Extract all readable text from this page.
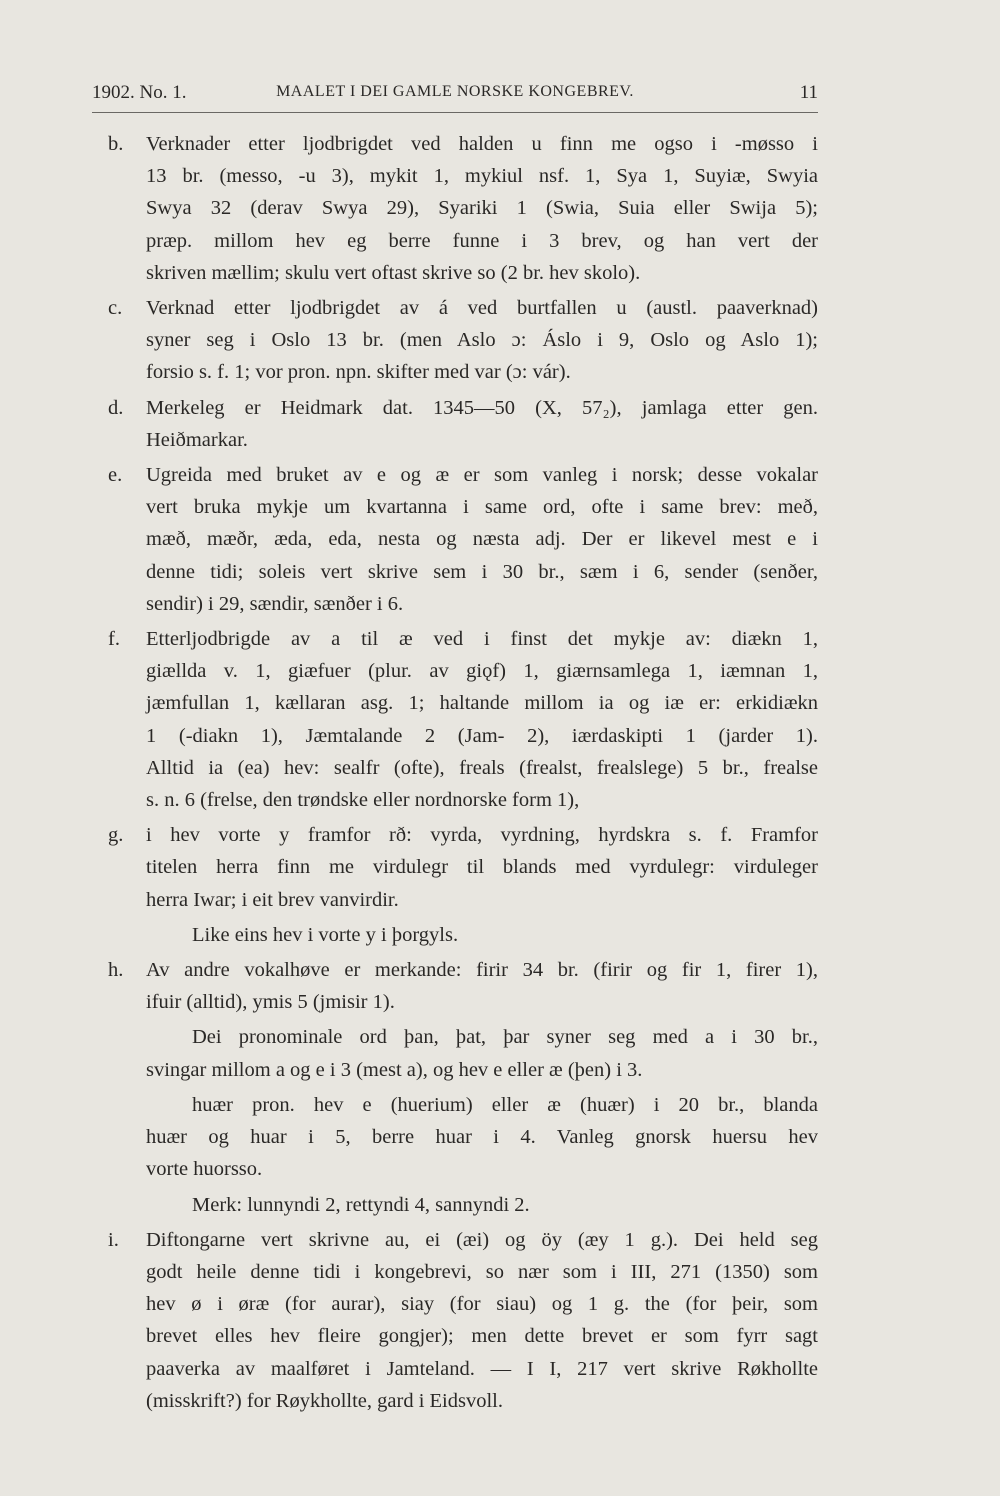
1902. No. 1.	MAALET I DEI GAMLE NORSKE KONGEBREV.	11
b. Verknader etter ljodbrigdet ved halden u finn me ogso i -møsso i
13 br. (messo, -u 3), mykit 1, mykiul nsf. 1, Sya 1, Suyiæ, Swyia
Swya 32 (derav Swya 29), Syariki 1 (Swia, Suia eller Swija 5);
præp. millom hev eg berre funne i 3 brev, og han vert der
skriven mællim; skulu vert oftast skrive so (2 br. hev skolo).
c. Verknad etter ljodbrigdet av á ved burtfallen u (austl. paaverknad)
syner seg i Oslo 13 br. (men Aslo ɔ: Áslo i 9, Oslo og Aslo 1);
forsio s. f. 1; vor pron. npn. skifter med var (ɔ: vár).
d. Merkeleg er Heidmark dat. 1345—50 (X, 57₂), jamlaga etter gen.
Heiðmarkar.
e. Ugreida med bruket av e og æ er som vanleg i norsk; desse vokalar
vert bruka mykje um kvartanna i same ord, ofte i same brev: með,
mæð, mæðr, æda, eda, nesta og næsta adj. Der er likevel mest e i
denne tidi; soleis vert skrive sem i 30 br., sæm i 6, sender (senðer,
sendir) i 29, sændir, sænðer i 6.
f. Etterljodbrigde av a til æ ved i finst det mykje av: diækn 1,
giællda v. 1, giæfuer (plur. av giǫf) 1, giærnsamlega 1, iæmnan 1,
jæmfullan 1, kællaran asg. 1; haltande millom ia og iæ er: erkidiækn
1 (-diakn 1), Jæmtalande 2 (Jam- 2), iærdaskipti 1 (jarder 1).
Alltid ia (ea) hev: sealfr (ofte), freals (frealst, frealslege) 5 br., frealse
s. n. 6 (frelse, den trøndske eller nordnorske form 1),
g. i hev vorte y framfor rð: vyrda, vyrdning, hyrdskra s. f. Framfor
titelen herra finn me virdulegr til blands med vyrdulegr: virduleger
herra Iwar; i eit brev vanvirdir.
Like eins hev i vorte y i þorgyls.
h. Av andre vokalhøve er merkande: firir 34 br. (firir og fir 1, firer 1),
ifuir (alltid), ymis 5 (jmisir 1).
Dei pronominale ord þan, þat, þar syner seg med a i 30 br.,
svingar millom a og e i 3 (mest a), og hev e eller æ (þen) i 3.
huær pron. hev e (huerium) eller æ (huær) i 20 br., blanda
huær og huar i 5, berre huar i 4. Vanleg gnorsk huersu hev
vorte huorsso.
Merk: lunnyndi 2, rettyndi 4, sannyndi 2.
i. Diftongarne vert skrivne au, ei (æi) og öy (æy 1 g.). Dei held seg
godt heile denne tidi i kongebrevi, so nær som i III, 271 (1350) som
hev ø i øræ (for aurar), siay (for siau) og 1 g. the (for þeir, som
brevet elles hev fleire gongjer); men dette brevet er som fyrr sagt
paaverka av maalføret i Jamteland. — I I, 217 vert skrive Røkhollte
(misskrift?) for Røykhollte, gard i Eidsvoll.
